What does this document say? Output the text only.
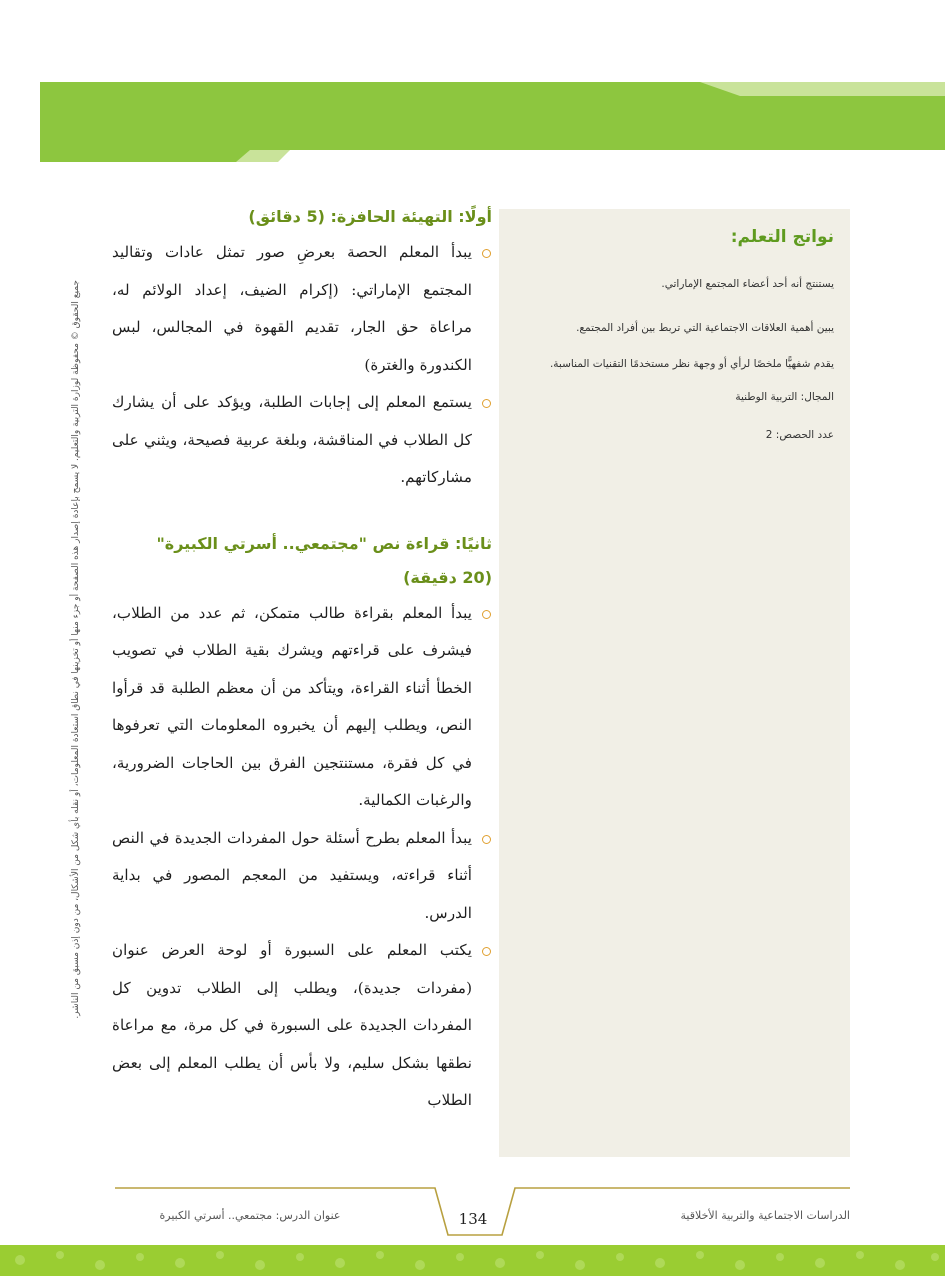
جميع الحقوق © محفوظة لوزارة التربية والتعليم. لا يسمح بإعادة إصدار هذه الصفحة أو جزء منها أو تخزينها في نطاق استعادة المعلومات، أو نقله بأي شكل من الأشكال، من دون إذن مسبق من الناشر.
نواتج التعلم:
يستنتج أنه أحد أعضاء المجتمع الإماراتي.
يبين أهمية العلاقات الاجتماعية التي تربط بين أفراد المجتمع.
يقدم شفهيًّا ملخصًا لرأي أو وجهة نظر مستخدمًا التقنيات المناسبة.
المجال: التربية الوطنية
عدد الحصص: 2
أولًا: التهيئة الحافزة: (5 دقائق)
يبدأ المعلم الحصة بعرضِ صور تمثل عادات وتقاليد المجتمع الإماراتي: (إكرام الضيف، إعداد الولائم له، مراعاة حق الجار، تقديم القهوة في المجالس، لبس الكندورة والغترة)
يستمع المعلم إلى إجابات الطلبة، ويؤكد على أن يشارك كل الطلاب في المناقشة، وبلغة عربية فصيحة، ويثني على مشاركاتهم.
ثانيًا: قراءة نص "مجتمعي.. أسرتي الكبيرة"
(20 دقيقة)
يبدأ المعلم بقراءة طالب متمكن، ثم عدد من الطلاب، فيشرف على قراءتهم ويشرك بقية الطلاب في تصويب الخطأ أثناء القراءة، ويتأكد من أن معظم الطلبة قد قرأوا النص، ويطلب إليهم أن يخبروه المعلومات التي تعرفوها في كل فقرة، مستنتجين الفرق بين الحاجات الضرورية، والرغبات الكمالية.
يبدأ المعلم بطرح أسئلة حول المفردات الجديدة في النص أثناء قراءته، ويستفيد من المعجم المصور في بداية الدرس.
يكتب المعلم على السبورة أو لوحة العرض عنوان (مفردات جديدة)، ويطلب إلى الطلاب تدوين كل المفردات الجديدة على السبورة في كل مرة، مع مراعاة نطقها بشكل سليم، ولا بأس أن يطلب المعلم إلى بعض الطلاب
عنوان الدرس: مجتمعي.. أسرتي الكبيرة	134	الدراسات الاجتماعية والتربية الأخلاقية
